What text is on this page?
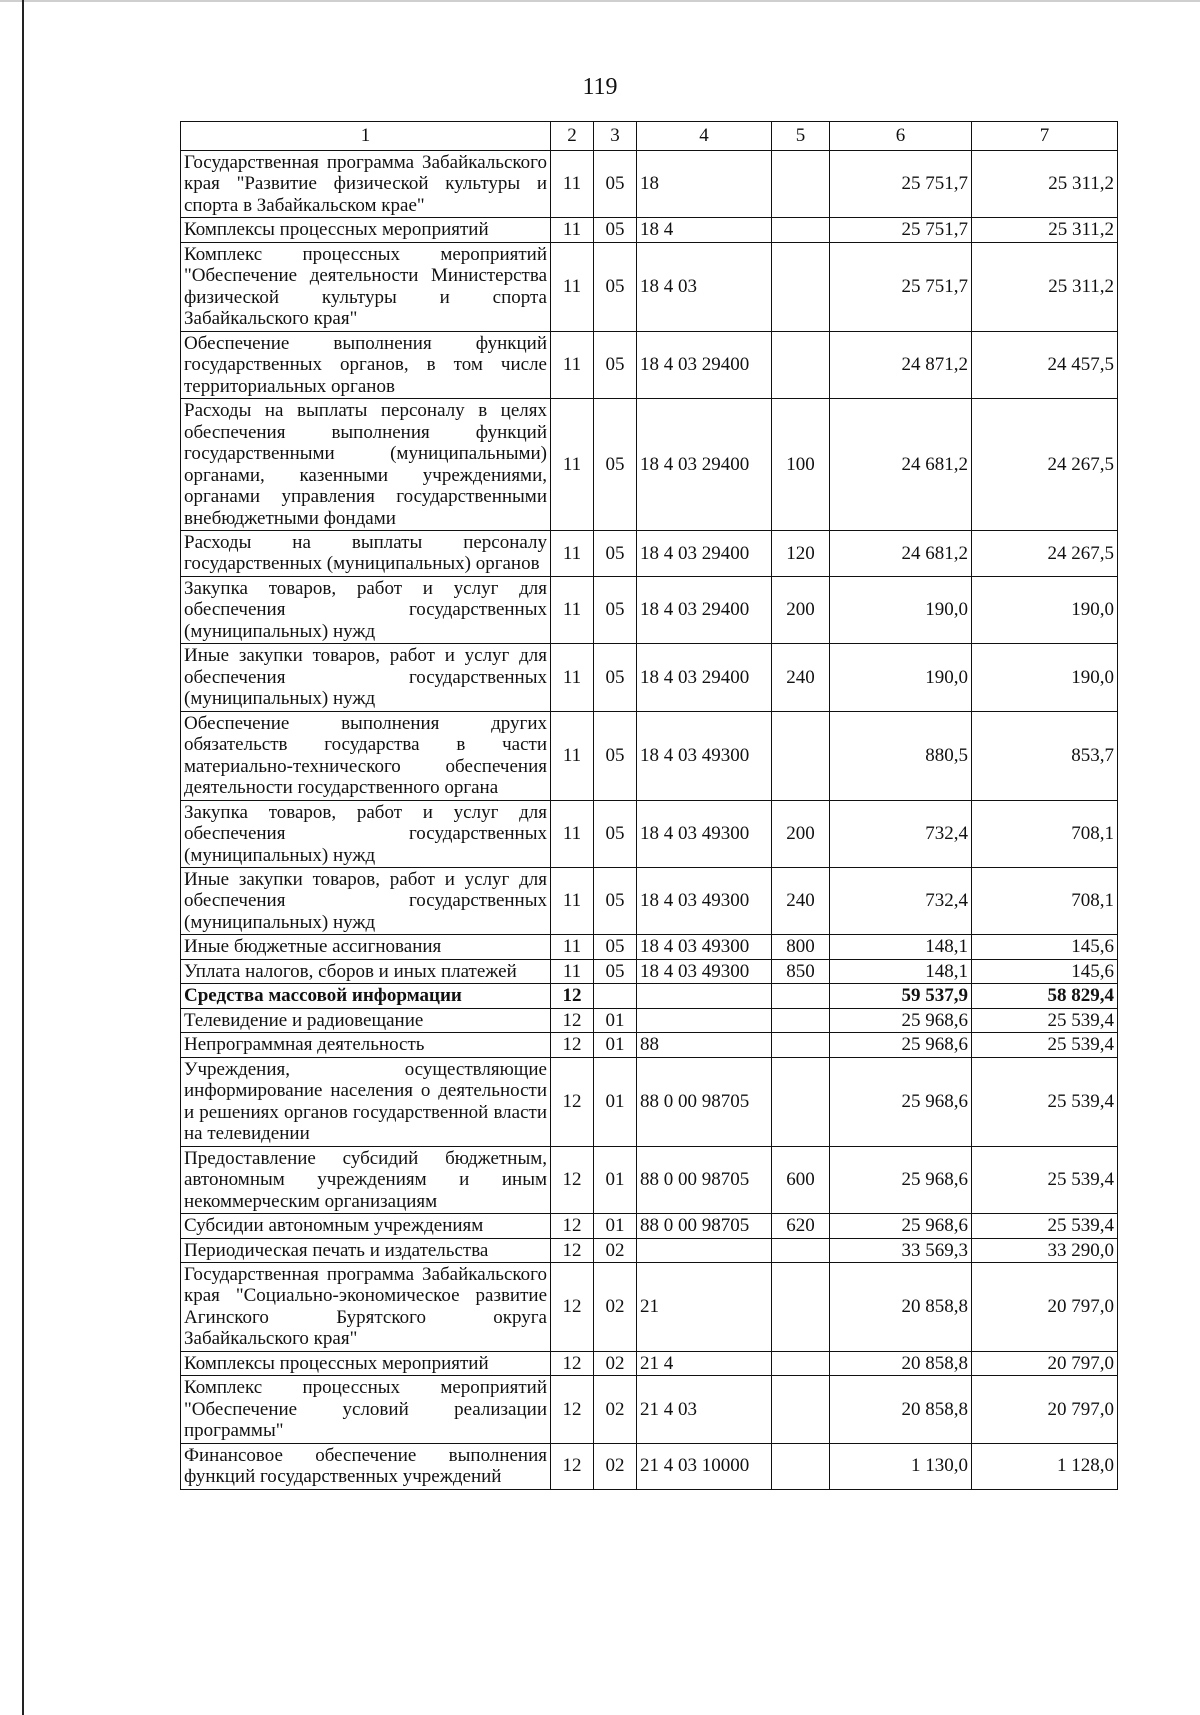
119
1	2	3	4	5	6	7
Государственная программа Забайкальского края "Развитие физической культуры и спорта в Забайкальском крае"	11	05	18		25 751,7	25 311,2
Комплексы процессных мероприятий	11	05	18 4		25 751,7	25 311,2
Комплекс процессных мероприятий "Обеспечение деятельности Министерства физической культуры и спорта Забайкальского края"	11	05	18 4 03		25 751,7	25 311,2
Обеспечение выполнения функций государственных органов, в том числе территориальных органов	11	05	18 4 03 29400		24 871,2	24 457,5
Расходы на выплаты персоналу в целях обеспечения выполнения функций государственными (муниципальными) органами, казенными учреждениями, органами управления государственными внебюджетными фондами	11	05	18 4 03 29400	100	24 681,2	24 267,5
Расходы на выплаты персоналу государственных (муниципальных) органов	11	05	18 4 03 29400	120	24 681,2	24 267,5
Закупка товаров, работ и услуг для обеспечения государственных (муниципальных) нужд	11	05	18 4 03 29400	200	190,0	190,0
Иные закупки товаров, работ и услуг для обеспечения государственных (муниципальных) нужд	11	05	18 4 03 29400	240	190,0	190,0
Обеспечение выполнения других обязательств государства в части материально-технического обеспечения деятельности государственного органа	11	05	18 4 03 49300		880,5	853,7
Закупка товаров, работ и услуг для обеспечения государственных (муниципальных) нужд	11	05	18 4 03 49300	200	732,4	708,1
Иные закупки товаров, работ и услуг для обеспечения государственных (муниципальных) нужд	11	05	18 4 03 49300	240	732,4	708,1
Иные бюджетные ассигнования	11	05	18 4 03 49300	800	148,1	145,6
Уплата налогов, сборов и иных платежей	11	05	18 4 03 49300	850	148,1	145,6
Средства массовой информации	12				59 537,9	58 829,4
Телевидение и радиовещание	12	01			25 968,6	25 539,4
Непрограммная деятельность	12	01	88		25 968,6	25 539,4
Учреждения, осуществляющие информирование населения о деятельности и решениях органов государственной власти на телевидении	12	01	88 0 00 98705		25 968,6	25 539,4
Предоставление субсидий бюджетным, автономным учреждениям и иным некоммерческим организациям	12	01	88 0 00 98705	600	25 968,6	25 539,4
Субсидии автономным учреждениям	12	01	88 0 00 98705	620	25 968,6	25 539,4
Периодическая печать и издательства	12	02			33 569,3	33 290,0
Государственная программа Забайкальского края "Социально-экономическое развитие Агинского Бурятского округа Забайкальского края"	12	02	21		20 858,8	20 797,0
Комплексы процессных мероприятий	12	02	21 4		20 858,8	20 797,0
Комплекс процессных мероприятий "Обеспечение условий реализации программы"	12	02	21 4 03		20 858,8	20 797,0
Финансовое обеспечение выполнения функций государственных учреждений	12	02	21 4 03 10000		1 130,0	1 128,0
